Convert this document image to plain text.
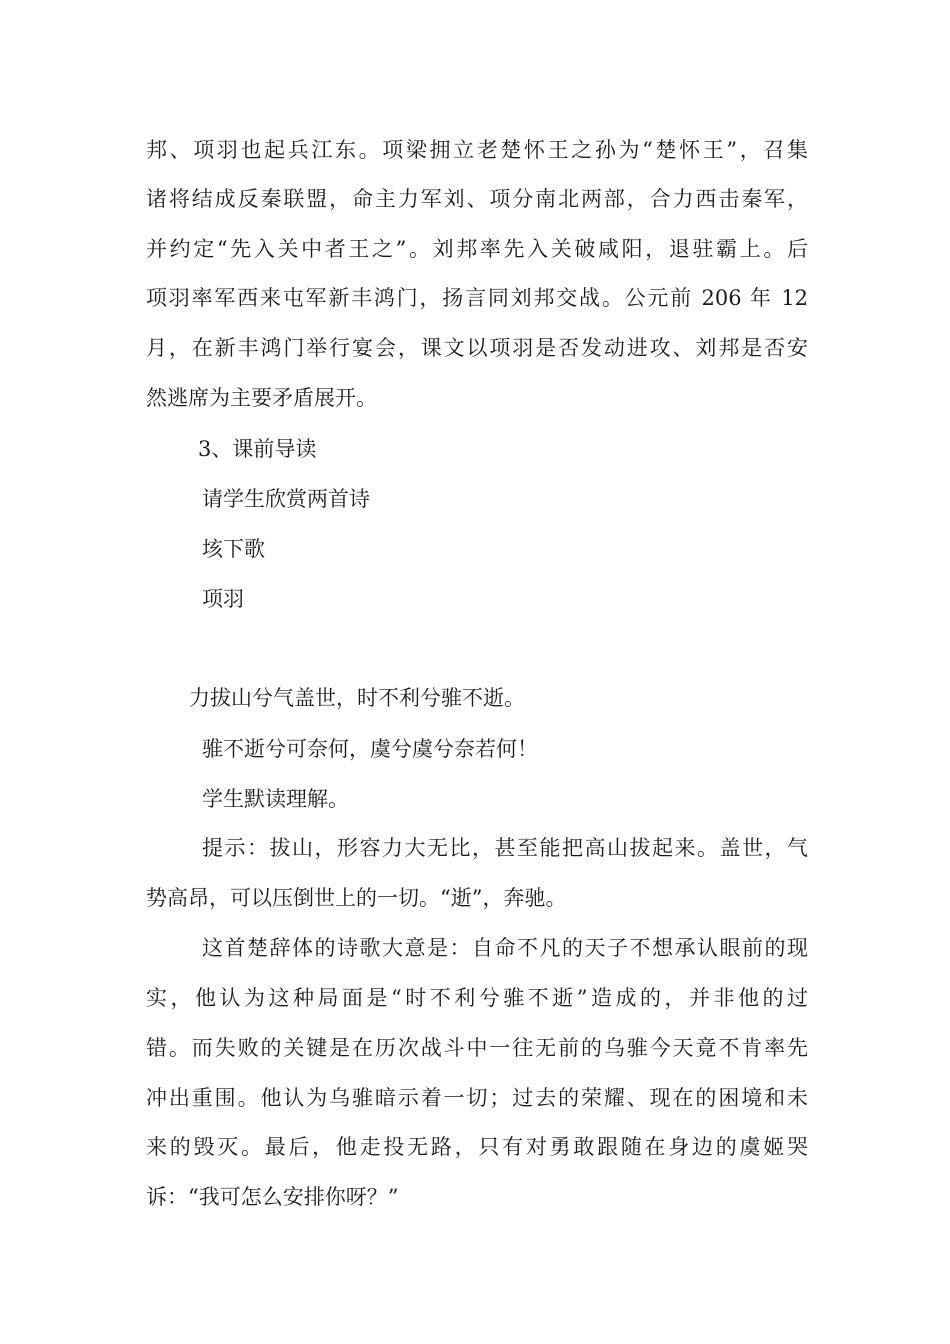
邦、项羽也起兵江东。项梁拥立老楚怀王之孙为“楚怀王”，召集
诸将结成反秦联盟，命主力军刘、项分南北两部，合力西击秦军，
并约定“先入关中者王之”。刘邦率先入关破咸阳，退驻霸上。后
项羽率军西来屯军新丰鸿门，扬言同刘邦交战。公元前 206 年 12
月，在新丰鸿门举行宴会，课文以项羽是否发动进攻、刘邦是否安
然逃席为主要矛盾展开。
3、课前导读
请学生欣赏两首诗
垓下歌
项羽
力拔山兮气盖世，时不利兮骓不逝。
骓不逝兮可奈何，虞兮虞兮奈若何！
学生默读理解。
提示：拔山，形容力大无比，甚至能把高山拔起来。盖世，气
势高昂，可以压倒世上的一切。“逝”，奔驰。
这首楚辞体的诗歌大意是：自命不凡的天子不想承认眼前的现
实，他认为这种局面是“时不利兮骓不逝”造成的，并非他的过
错。而失败的关键是在历次战斗中一往无前的乌骓今天竟不肯率先
冲出重围。他认为乌骓暗示着一切；过去的荣耀、现在的困境和未
来的毁灭。最后，他走投无路，只有对勇敢跟随在身边的虞姬哭
诉：“我可怎么安排你呀？”
